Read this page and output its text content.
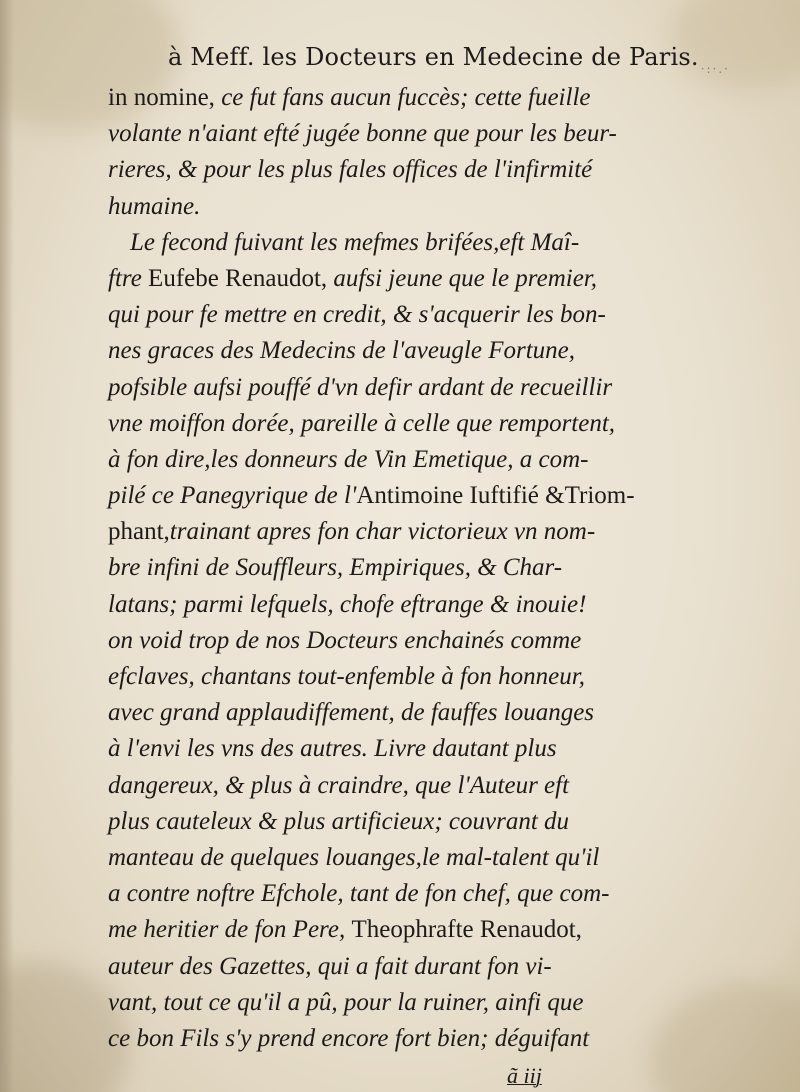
à Meff. les Docteurs en Medecine de Paris. ·:·.·
in nomine, ce fut fans aucun fuccès; cette fueille
volante n'aiant efté jugée bonne que pour les beur-
rieres, & pour les plus fales offices de l'infirmité
humaine.
Le fecond fuivant les mefmes brifées,eft Maî-
ftre Eufebe Renaudot, aufsi jeune que le premier,
qui pour fe mettre en credit, & s'acquerir les bon-
nes graces des Medecins de l'aveugle Fortune,
pofsible aufsi pouffé d'vn defir ardant de recueillir
vne moiffon dorée, pareille à celle que remportent,
à fon dire,les donneurs de Vin Emetique, a com-
pilé ce Panegyrique de l'Antimoine Iuftifié &Triom-
phant,trainant apres fon char victorieux vn nom-
bre infini de Souffleurs, Empiriques, & Char-
latans; parmi lefquels, chofe eftrange & inouie!
on void trop de nos Docteurs enchainés comme
efclaves, chantans tout-enfemble à fon honneur,
avec grand applaudiffement, de fauffes louanges
à l'envi les vns des autres. Livre dautant plus
dangereux, & plus à craindre, que l'Auteur eft
plus cauteleux & plus artificieux; couvrant du
manteau de quelques louanges,le mal-talent qu'il
a contre noftre Efchole, tant de fon chef, que com-
me heritier de fon Pere, Theophrafte Renaudot,
auteur des Gazettes, qui a fait durant fon vi-
vant, tout ce qu'il a pû, pour la ruiner, ainfi que
ce bon Fils s'y prend encore fort bien; déguifant
ã iij
